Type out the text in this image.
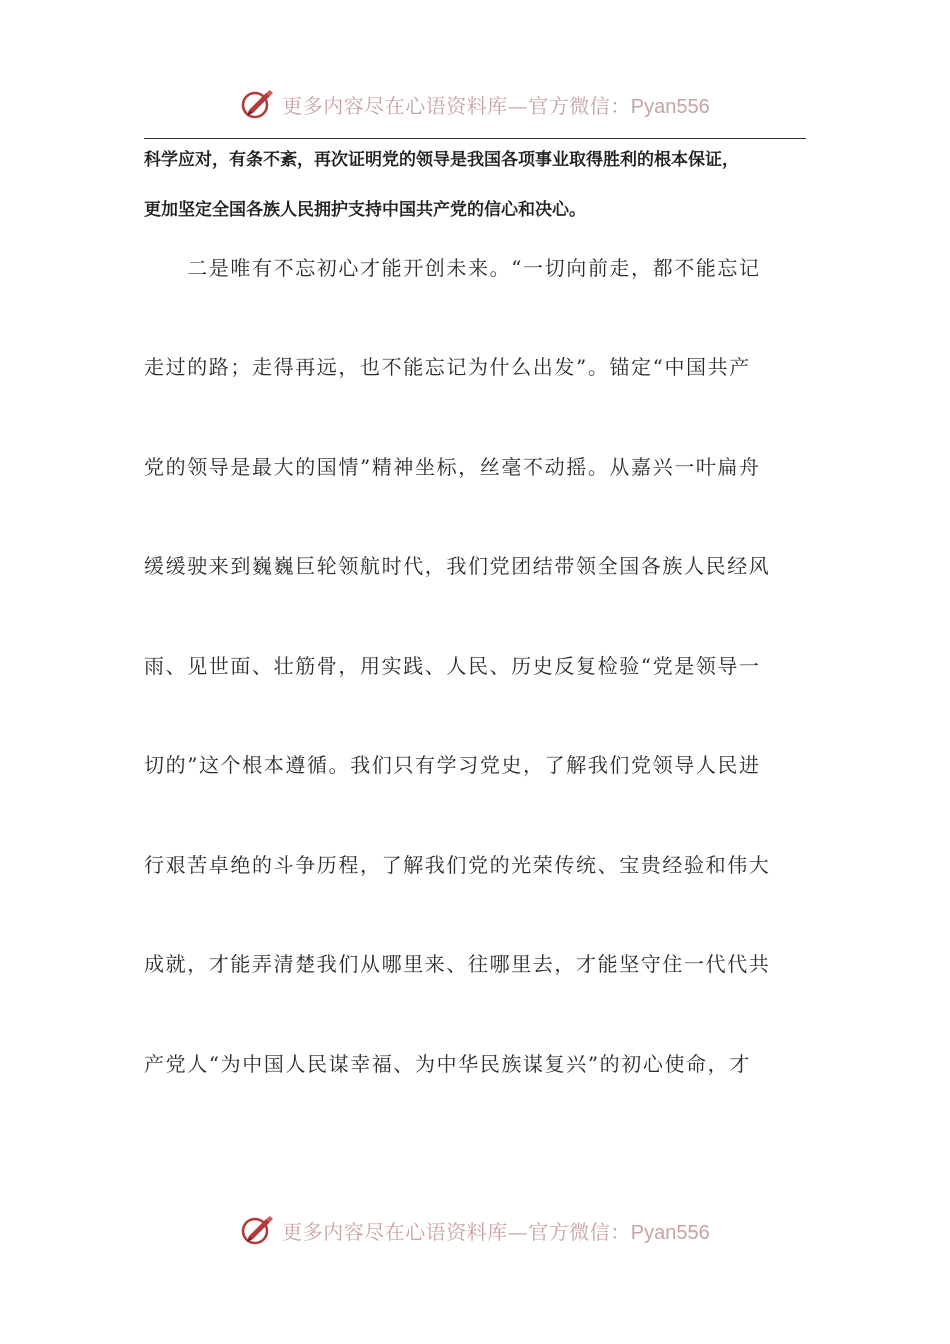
更多内容尽在心语资料库—官方微信： Pyan556
科学应对，有条不紊，再次证明党的领导是我国各项事业取得胜利的根本保证，
更加坚定全国各族人民拥护支持中国共产党的信心和决心。
　　二是唯有不忘初心才能开创未来。“一切向前走，都不能忘记
走过的路；走得再远，也不能忘记为什么出发”。锚定“中国共产
党的领导是最大的国情”精神坐标，丝毫不动摇。从嘉兴一叶扁舟
缓缓驶来到巍巍巨轮领航时代，我们党团结带领全国各族人民经风
雨、见世面、壮筋骨，用实践、人民、历史反复检验“党是领导一
切的”这个根本遵循。我们只有学习党史，了解我们党领导人民进
行艰苦卓绝的斗争历程，了解我们党的光荣传统、宝贵经验和伟大
成就，才能弄清楚我们从哪里来、往哪里去，才能坚守住一代代共
产党人“为中国人民谋幸福、为中华民族谋复兴”的初心使命，才
更多内容尽在心语资料库—官方微信： Pyan556
